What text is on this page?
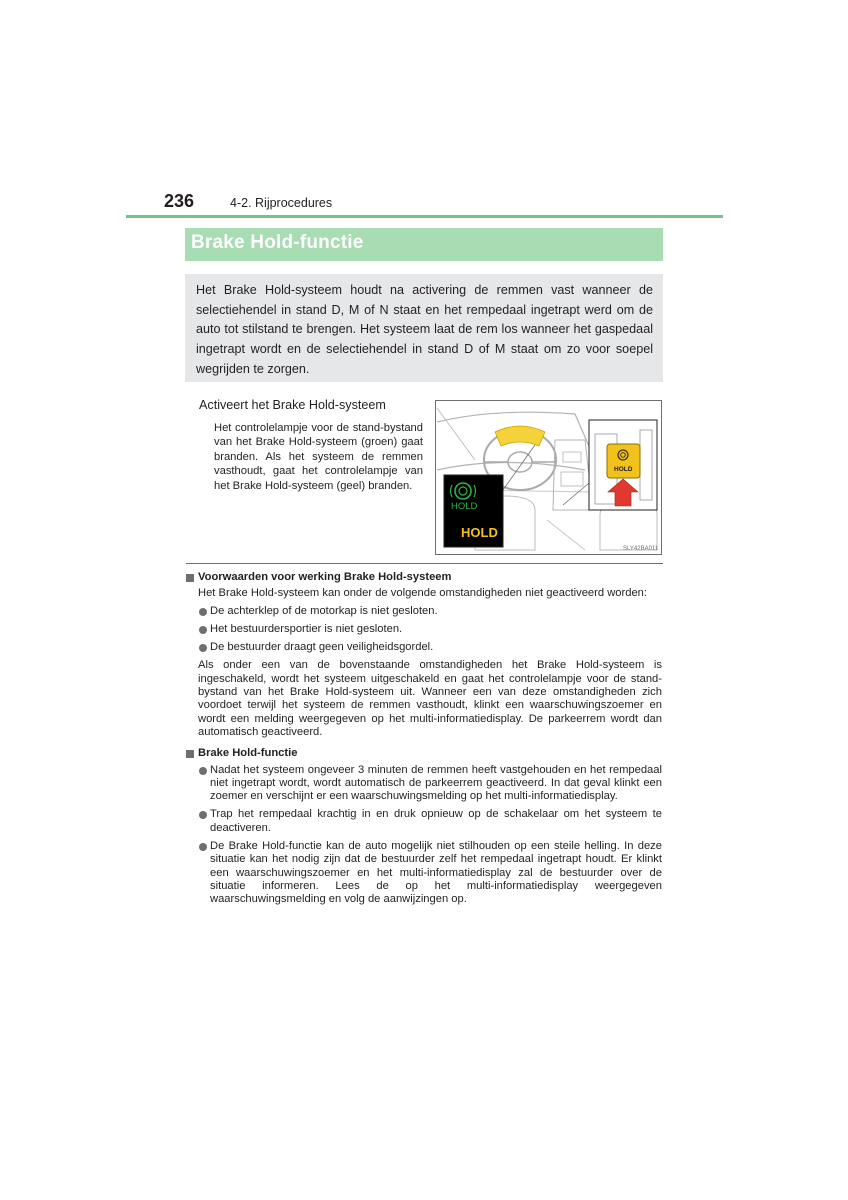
236	4-2. Rijprocedures
Brake Hold-functie
Het Brake Hold-systeem houdt na activering de remmen vast wanneer de selectiehendel in stand D, M of N staat en het rempedaal ingetrapt werd om de auto tot stilstand te brengen. Het systeem laat de rem los wanneer het gaspedaal ingetrapt wordt en de selectiehendel in stand D of M staat om zo voor soepel wegrijden te zorgen.
Activeert het Brake Hold-systeem
Het controlelampje voor de stand-bystand van het Brake Hold-systeem (groen) gaat branden. Als het systeem de remmen vasthoudt, gaat het controlelampje van het Brake Hold-systeem (geel) branden.
HOLD
HOLD
HOLD
SLY42BA011
Voorwaarden voor werking Brake Hold-systeem
Het Brake Hold-systeem kan onder de volgende omstandigheden niet geactiveerd worden:
De achterklep of de motorkap is niet gesloten.
Het bestuurdersportier is niet gesloten.
De bestuurder draagt geen veiligheidsgordel.
Als onder een van de bovenstaande omstandigheden het Brake Hold-systeem is ingeschakeld, wordt het systeem uitgeschakeld en gaat het controlelampje voor de stand-bystand van het Brake Hold-systeem uit. Wanneer een van deze omstandigheden zich voordoet terwijl het systeem de remmen vasthoudt, klinkt een waarschuwingszoemer en wordt een melding weergegeven op het multi-informatiedisplay. De parkeerrem wordt dan automatisch geactiveerd.
Brake Hold-functie
Nadat het systeem ongeveer 3 minuten de remmen heeft vastgehouden en het rempedaal niet ingetrapt wordt, wordt automatisch de parkeerrem geactiveerd. In dat geval klinkt een zoemer en verschijnt er een waarschuwingsmelding op het multi-informatiedisplay.
Trap het rempedaal krachtig in en druk opnieuw op de schakelaar om het systeem te deactiveren.
De Brake Hold-functie kan de auto mogelijk niet stilhouden op een steile helling. In deze situatie kan het nodig zijn dat de bestuurder zelf het rempedaal ingetrapt houdt. Er klinkt een waarschuwingszoemer en het multi-informatiedisplay zal de bestuurder over de situatie informeren. Lees de op het multi-informatiedisplay weergegeven waarschuwingsmelding en volg de aanwijzingen op.
